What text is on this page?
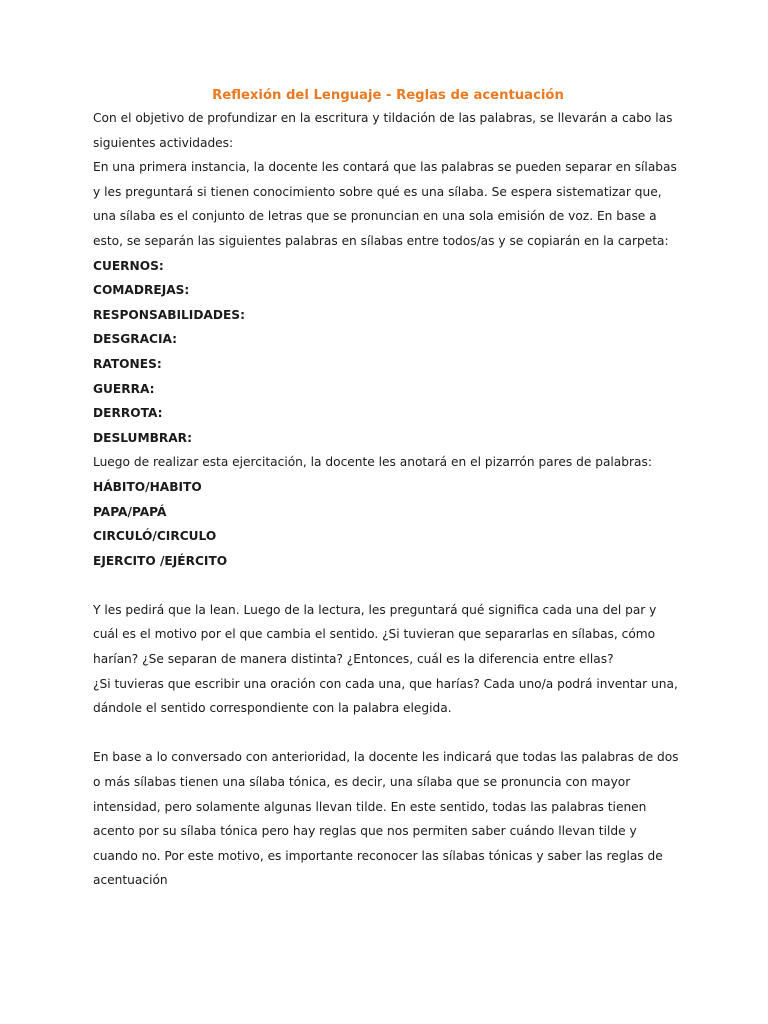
Reflexión del Lenguaje - Reglas de acentuación

Con el objetivo de profundizar en la escritura y tildación de las palabras, se llevarán a cabo las siguientes actividades:

En una primera instancia, la docente les contará que las palabras se pueden separar en sílabas y les preguntará si tienen conocimiento sobre qué es una sílaba. Se espera sistematizar que, una sílaba es el conjunto de letras que se pronuncian en una sola emisión de voz. En base a esto, se separán las siguientes palabras en sílabas entre todos/as y se copiarán en la carpeta:

CUERNOS:

COMADREJAS:

RESPONSABILIDADES:

DESGRACIA:

RATONES:

GUERRA:

DERROTA:

DESLUMBRAR:

Luego de realizar esta ejercitación, la docente les anotará en el pizarrón pares de palabras:

HÁBITO/HABITO

PAPA/PAPÁ

CIRCULÓ/CIRCULO

EJERCITO /EJÉRCITO

Y les pedirá que la lean. Luego de la lectura, les preguntará qué significa cada una del par y cuál es el motivo por el que cambia el sentido. ¿Si tuvieran que separarlas en sílabas, cómo harían? ¿Se separan de manera distinta? ¿Entonces, cuál es la diferencia entre ellas?

¿Si tuvieras que escribir una oración con cada una, que harías? Cada uno/a podrá inventar una, dándole el sentido correspondiente con la palabra elegida.

En base a lo conversado con anterioridad, la docente les indicará que todas las palabras de dos o más sílabas tienen una sílaba tónica, es decir, una sílaba que se pronuncia con mayor intensidad, pero solamente algunas llevan tilde. En este sentido, todas las palabras tienen acento por su sílaba tónica pero hay reglas que nos permiten saber cuándo llevan tilde y cuando no. Por este motivo, es importante reconocer las sílabas tónicas y saber las reglas de acentuación
